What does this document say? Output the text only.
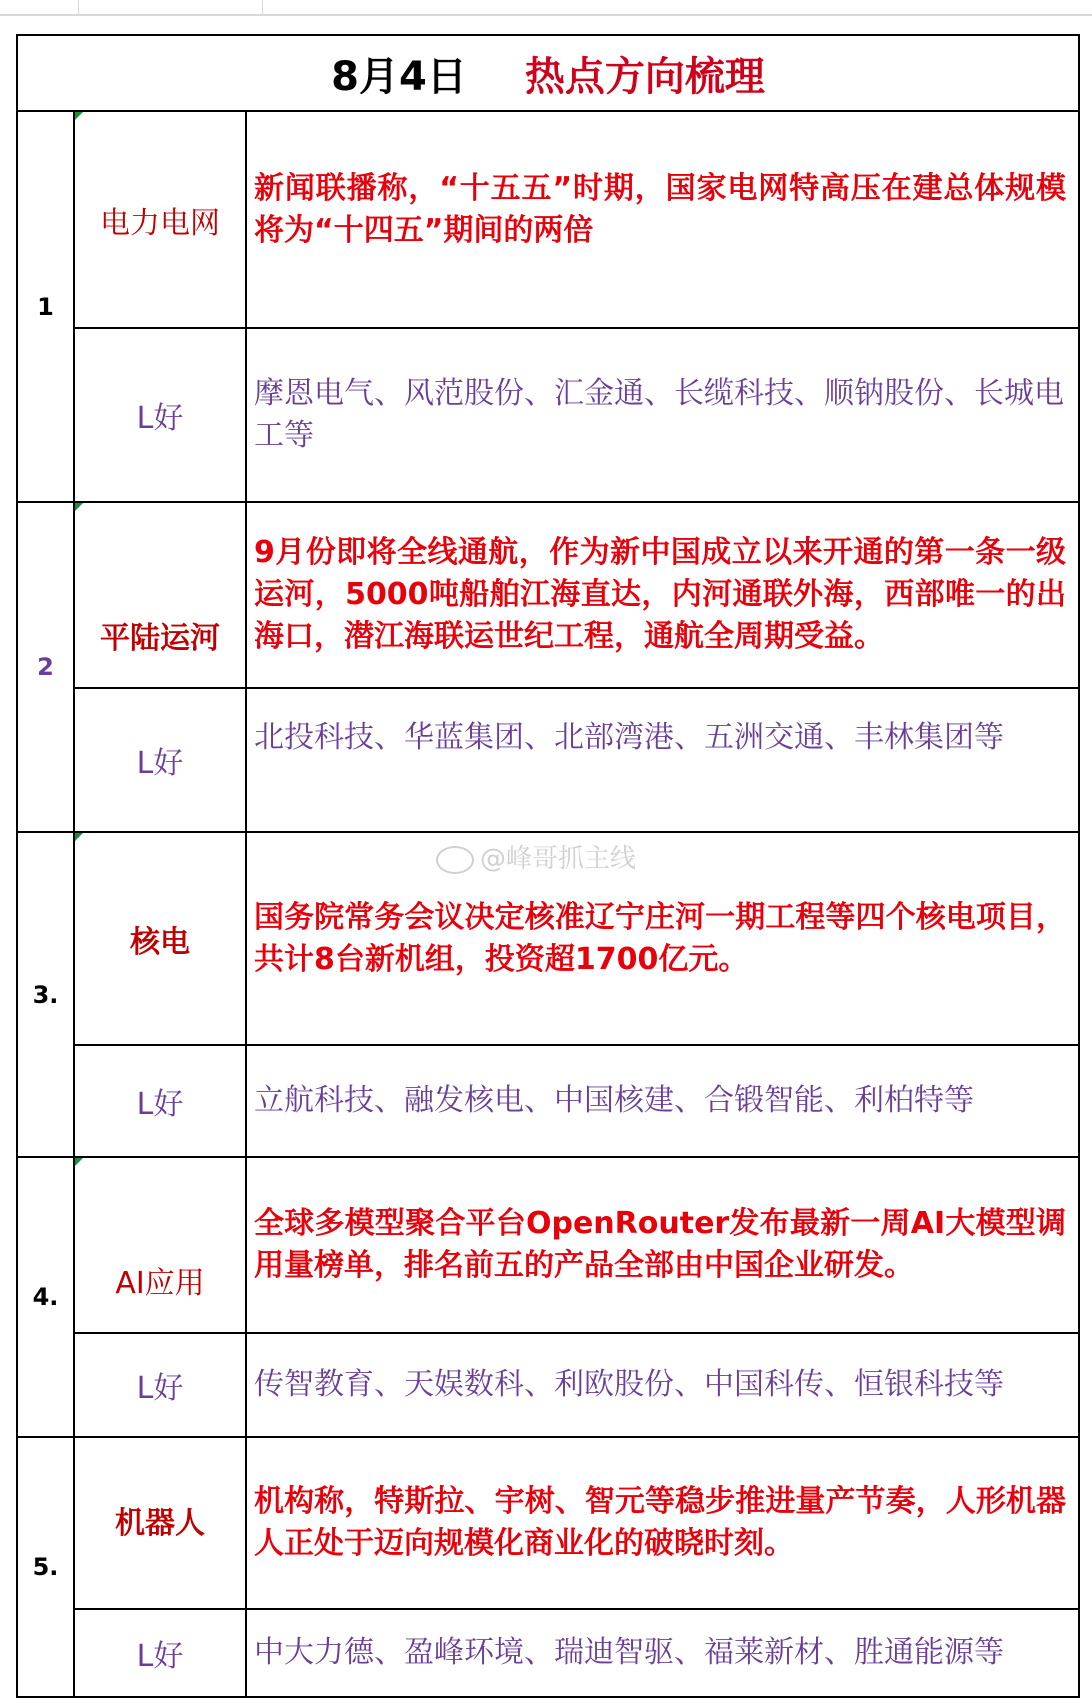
8月4日 热点方向梳理		
1	电力电网	新闻联播称，“十五五”时期，国家电网特高压在建总体规模将为“十四五”期间的两倍
	L好	摩恩电气、风范股份、汇金通、长缆科技、顺钠股份、长城电工等
2	平陆运河	9月份即将全线通航，作为新中国成立以来开通的第一条一级运河，5000吨船舶江海直达，内河通联外海，西部唯一的出海口，潜江海联运世纪工程，通航全周期受益。
	L好	北投科技、华蓝集团、北部湾港、五洲交通、丰林集团等
3.	核电	国务院常务会议决定核准辽宁庄河一期工程等四个核电项目，共计8台新机组，投资超1700亿元。
	L好	立航科技、融发核电、中国核建、合锻智能、利柏特等
4.	AI应用	全球多模型聚合平台OpenRouter发布最新一周AI大模型调用量榜单，排名前五的产品全部由中国企业研发。
	L好	传智教育、天娱数科、利欧股份、中国科传、恒银科技等
5.	机器人	机构称，特斯拉、宇树、智元等稳步推进量产节奏，人形机器人正处于迈向规模化商业化的破晓时刻。
	L好	中大力德、盈峰环境、瑞迪智驱、福莱新材、胜通能源等
@峰哥抓主线
